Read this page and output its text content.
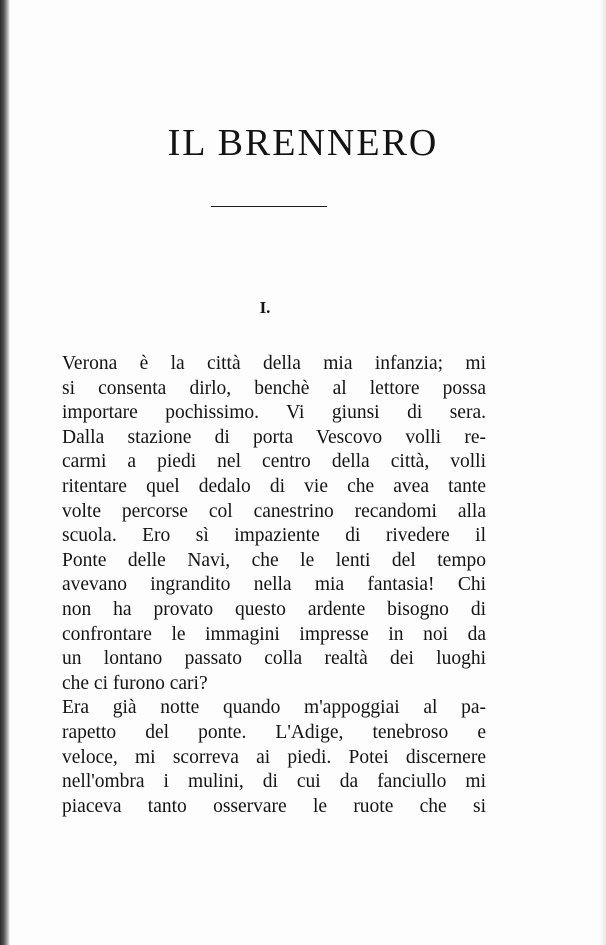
IL BRENNERO
I.
Verona è la città della mia infanzia; mi
si consenta dirlo, benchè al lettore possa
importare pochissimo. Vi giunsi di sera.
Dalla stazione di porta Vescovo volli re-
carmi a piedi nel centro della città, volli
ritentare quel dedalo di vie che avea tante
volte percorse col canestrino recandomi alla
scuola. Ero sì impaziente di rivedere il
Ponte delle Navi, che le lenti del tempo
avevano ingrandito nella mia fantasia! Chi
non ha provato questo ardente bisogno di
confrontare le immagini impresse in noi da
un lontano passato colla realtà dei luoghi
che ci furono cari?
Era già notte quando m'appoggiai al pa-
rapetto del ponte. L'Adige, tenebroso e
veloce, mi scorreva ai piedi. Potei discernere
nell'ombra i mulini, di cui da fanciullo mi
piaceva tanto osservare le ruote che si
